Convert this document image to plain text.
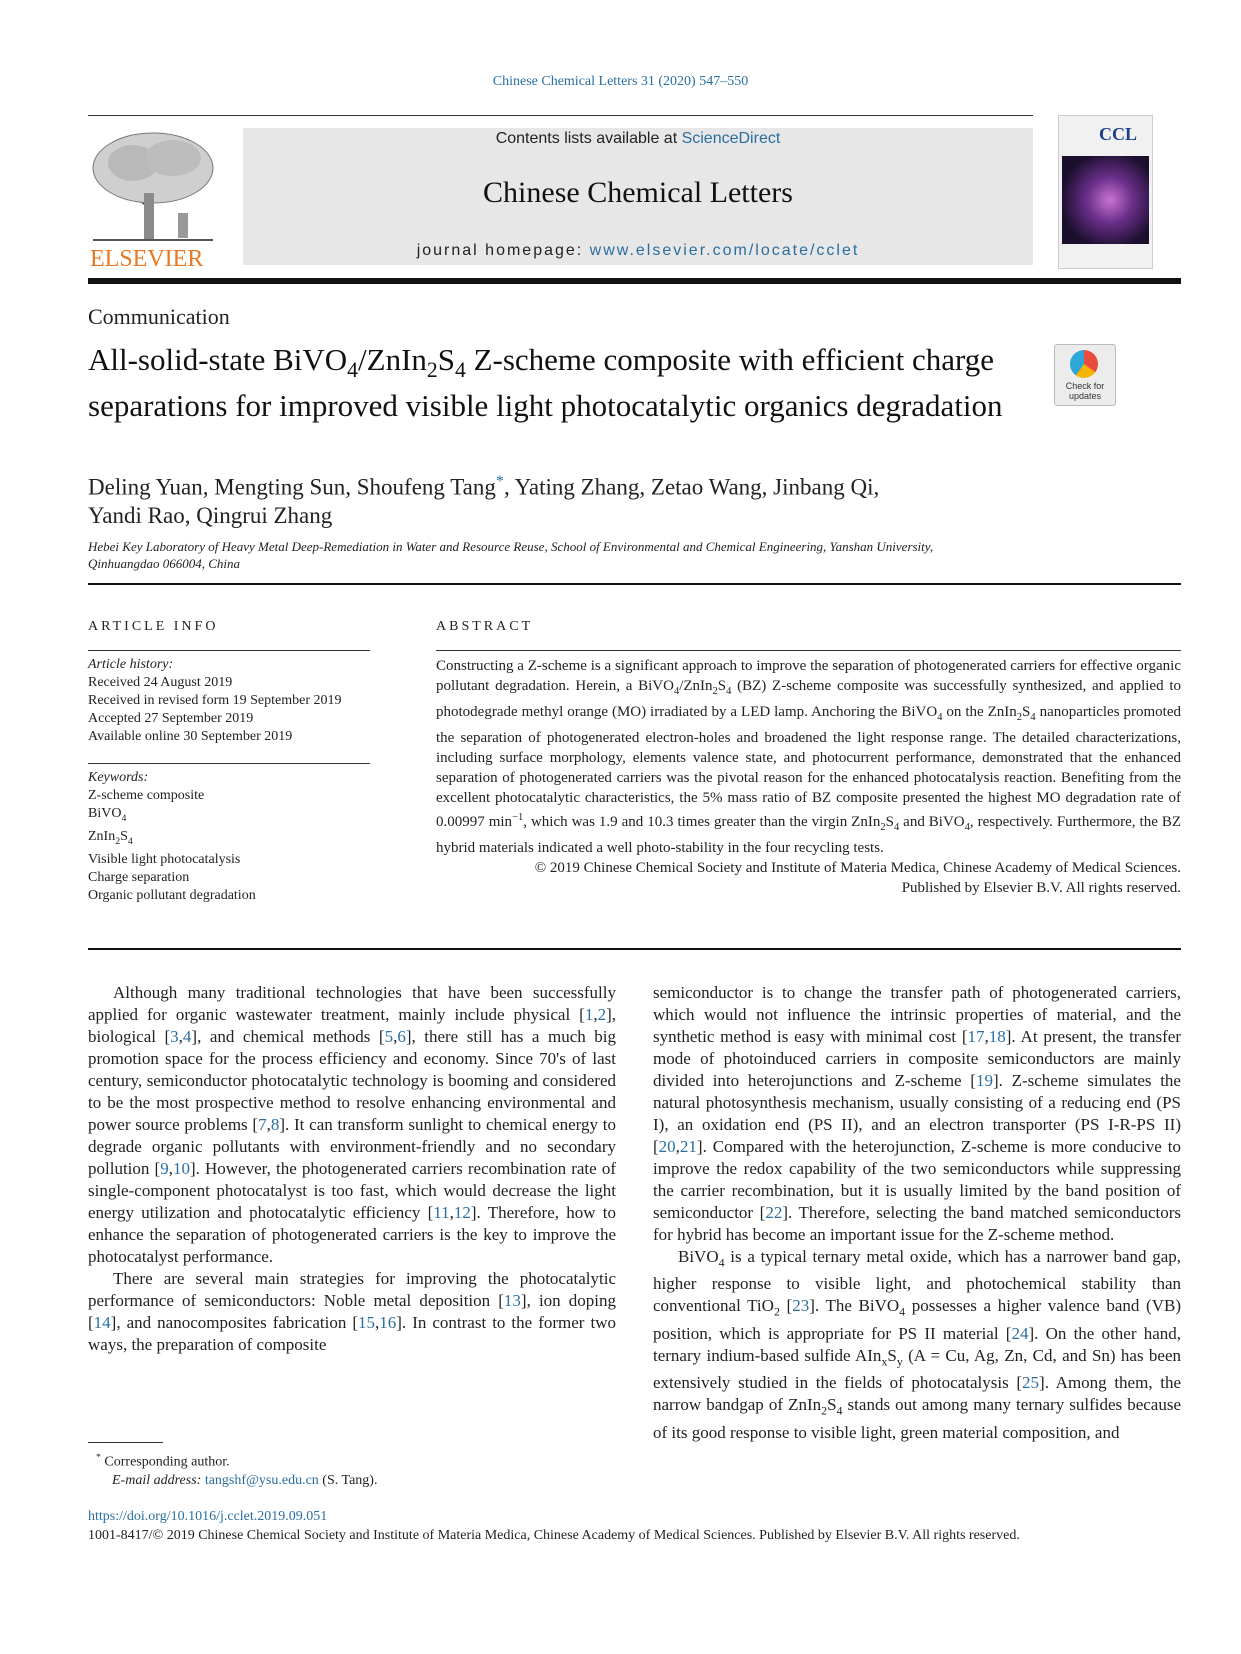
Chinese Chemical Letters 31 (2020) 547–550
ELSEVIER
Contents lists available at ScienceDirect
Chinese Chemical Letters
journal homepage: www.elsevier.com/locate/cclet
CCL
Communication
All-solid-state $BiVO_4/ZnIn_2S_4$ Z-scheme composite with efficient charge separations for improved visible light photocatalytic organics degradation
Check for
updates
Deling Yuan, Mengting Sun, Shoufeng Tang*, Yating Zhang, Zetao Wang, Jinbang Qi,
Yandi Rao, Qingrui Zhang
Hebei Key Laboratory of Heavy Metal Deep-Remediation in Water and Resource Reuse, School of Environmental and Chemical Engineering, Yanshan University, Qinhuangdao 066004, China
ARTICLE INFO
Article history:
Received 24 August 2019
Received in revised form 19 September 2019
Accepted 27 September 2019
Available online 30 September 2019
Keywords:
Z-scheme composite
BiVO$_4$
$ZnIn_2S_4$
Visible light photocatalysis
Charge separation
Organic pollutant degradation
ABSTRACT
Constructing a Z-scheme is a significant approach to improve the separation of photogenerated carriers for effective organic pollutant degradation. Herein, a $BiVO_4/ZnIn_2S_4$ (BZ) Z-scheme composite was successfully synthesized, and applied to photodegrade methyl orange (MO) irradiated by a LED lamp. Anchoring the BiVO$_4$ on the $ZnIn_2S_4$ nanoparticles promoted the separation of photogenerated electron-holes and broadened the light response range. The detailed characterizations, including surface morphology, elements valence state, and photocurrent performance, demonstrated that the enhanced separation of photogenerated carriers was the pivotal reason for the enhanced photocatalysis reaction. Benefiting from the excellent photocatalytic characteristics, the 5% mass ratio of BZ composite presented the highest MO degradation rate of 0.00997 $\min^{-1}$, which was 1.9 and 10.3 times greater than the virgin $ZnIn_2S_4$ and BiVO$_4$, respectively. Furthermore, the BZ hybrid materials indicated a well photo-stability in the four recycling tests.
© 2019 Chinese Chemical Society and Institute of Materia Medica, Chinese Academy of Medical Sciences.
Published by Elsevier B.V. All rights reserved.

Although many traditional technologies that have been successfully applied for organic wastewater treatment, mainly include physical [1,2], biological [3,4], and chemical methods [5,6], there still has a much big promotion space for the process efficiency and economy. Since 70's of last century, semiconductor photocatalytic technology is booming and considered to be the most prospective method to resolve enhancing environmental and power source problems [7,8]. It can transform sunlight to chemical energy to degrade organic pollutants with environment-friendly and no secondary pollution [9,10]. However, the photogenerated carriers recombination rate of single-component photocatalyst is too fast, which would decrease the light energy utilization and photocatalytic efficiency [11,12]. Therefore, how to enhance the separation of photogenerated carriers is the key to improve the photocatalyst performance.

There are several main strategies for improving the photocatalytic performance of semiconductors: Noble metal deposition [13], ion doping [14], and nanocomposites fabrication [15,16]. In contrast to the former two ways, the preparation of composite

semiconductor is to change the transfer path of photogenerated carriers, which would not influence the intrinsic properties of material, and the synthetic method is easy with minimal cost [17,18]. At present, the transfer mode of photoinduced carriers in composite semiconductors are mainly divided into heterojunctions and Z-scheme [19]. Z-scheme simulates the natural photosynthesis mechanism, usually consisting of a reducing end (PS I), an oxidation end (PS II), and an electron transporter (PS I-R-PS II) [20,21]. Compared with the heterojunction, Z-scheme is more conducive to improve the redox capability of the two semiconductors while suppressing the carrier recombination, but it is usually limited by the band position of semiconductor [22]. Therefore, selecting the band matched semiconductors for hybrid has become an important issue for the Z-scheme method.

BiVO$_4$ is a typical ternary metal oxide, which has a narrower band gap, higher response to visible light, and photochemical stability than conventional TiO$_2$ [23]. The BiVO$_4$ possesses a higher valence band (VB) position, which is appropriate for PS II material [24]. On the other hand, ternary indium-based sulfide $AIn_xS_y$ (A = Cu, Ag, Zn, Cd, and Sn) has been extensively studied in the fields of photocatalysis [25]. Among them, the narrow bandgap of $ZnIn_2S_4$ stands out among many ternary sulfides because of its good response to visible light, green material composition, and

* Corresponding author.
E-mail address: tangshf@ysu.edu.cn (S. Tang).
https://doi.org/10.1016/j.cclet.2019.09.051
1001-8417/© 2019 Chinese Chemical Society and Institute of Materia Medica, Chinese Academy of Medical Sciences. Published by Elsevier B.V. All rights reserved.
